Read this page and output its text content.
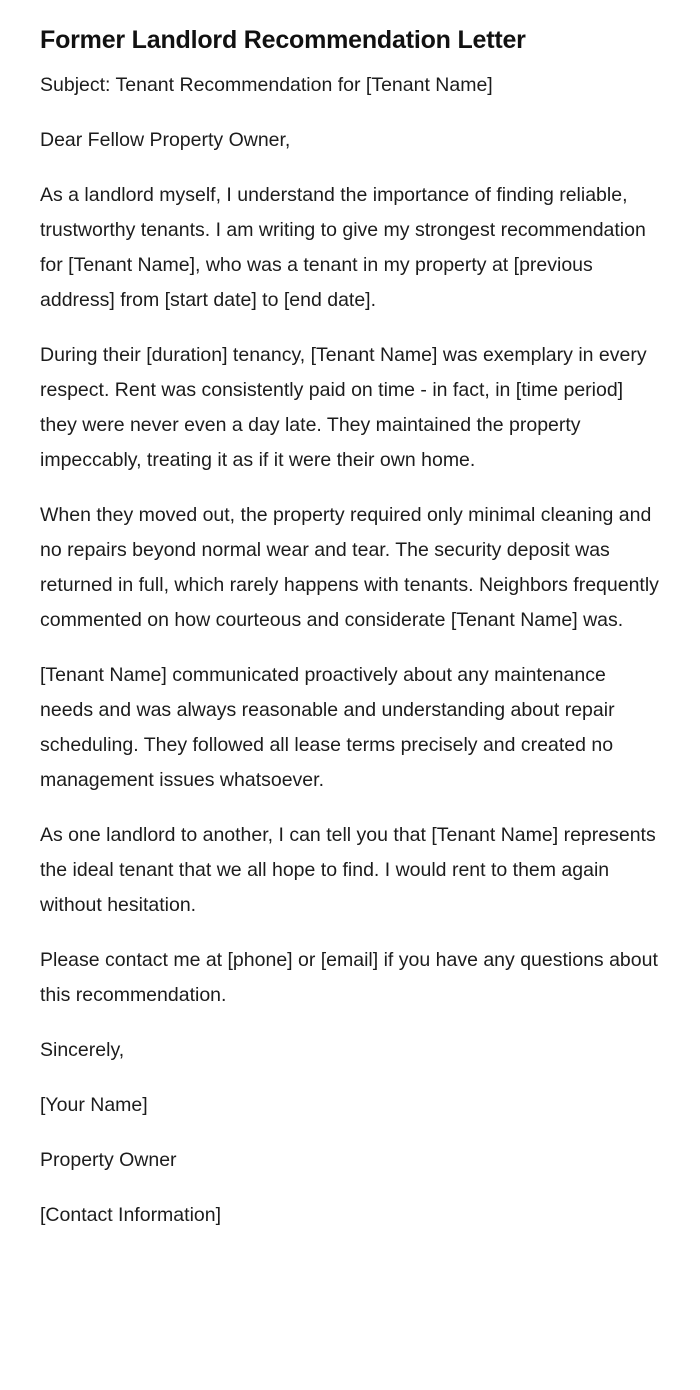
Former Landlord Recommendation Letter

Subject: Tenant Recommendation for [Tenant Name]

Dear Fellow Property Owner,

As a landlord myself, I understand the importance of finding reliable, trustworthy tenants. I am writing to give my strongest recommendation for [Tenant Name], who was a tenant in my property at [previous address] from [start date] to [end date].

During their [duration] tenancy, [Tenant Name] was exemplary in every respect. Rent was consistently paid on time - in fact, in [time period] they were never even a day late. They maintained the property impeccably, treating it as if it were their own home.

When they moved out, the property required only minimal cleaning and no repairs beyond normal wear and tear. The security deposit was returned in full, which rarely happens with tenants. Neighbors frequently commented on how courteous and considerate [Tenant Name] was.

[Tenant Name] communicated proactively about any maintenance needs and was always reasonable and understanding about repair scheduling. They followed all lease terms precisely and created no management issues whatsoever.

As one landlord to another, I can tell you that [Tenant Name] represents the ideal tenant that we all hope to find. I would rent to them again without hesitation.

Please contact me at [phone] or [email] if you have any questions about this recommendation.

Sincerely,

[Your Name]

Property Owner

[Contact Information]
